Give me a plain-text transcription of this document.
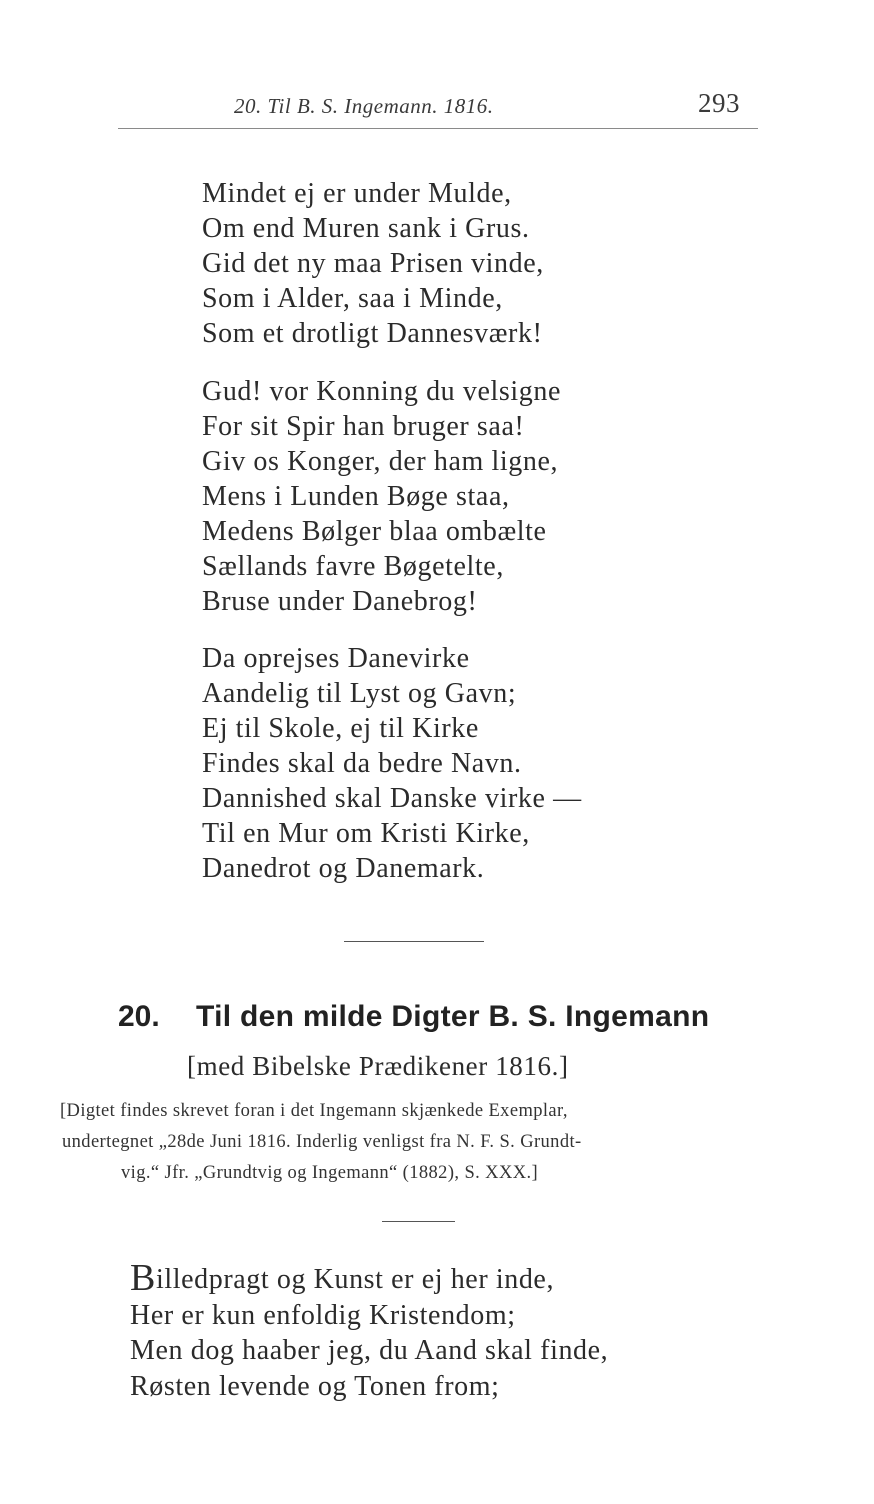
20. Til B. S. Ingemann. 1816.	293
Mindet ej er under Mulde,
Om end Muren sank i Grus.
Gid det ny maa Prisen vinde,
Som i Alder, saa i Minde,
Som et drotligt Dannesværk!
Gud! vor Konning du velsigne
For sit Spir han bruger saa!
Giv os Konger, der ham ligne,
Mens i Lunden Bøge staa,
Medens Bølger blaa ombælte
Sællands favre Bøgetelte,
Bruse under Danebrog!
Da oprejses Danevirke
Aandelig til Lyst og Gavn;
Ej til Skole, ej til Kirke
Findes skal da bedre Navn.
Dannished skal Danske virke —
Til en Mur om Kristi Kirke,
Danedrot og Danemark.
20. Til den milde Digter B. S. Ingemann
[med Bibelske Prædikener 1816.]
[Digtet findes skrevet foran i det Ingemann skjænkede Exemplar,
undertegnet „28de Juni 1816. Inderlig venligst fra N. F. S. Grundt-
vig.“ Jfr. „Grundtvig og Ingemann“ (1882), S. XXX.]
Billedpragt og Kunst er ej her inde,
Her er kun enfoldig Kristendom;
Men dog haaber jeg, du Aand skal finde,
Røsten levende og Tonen from;
